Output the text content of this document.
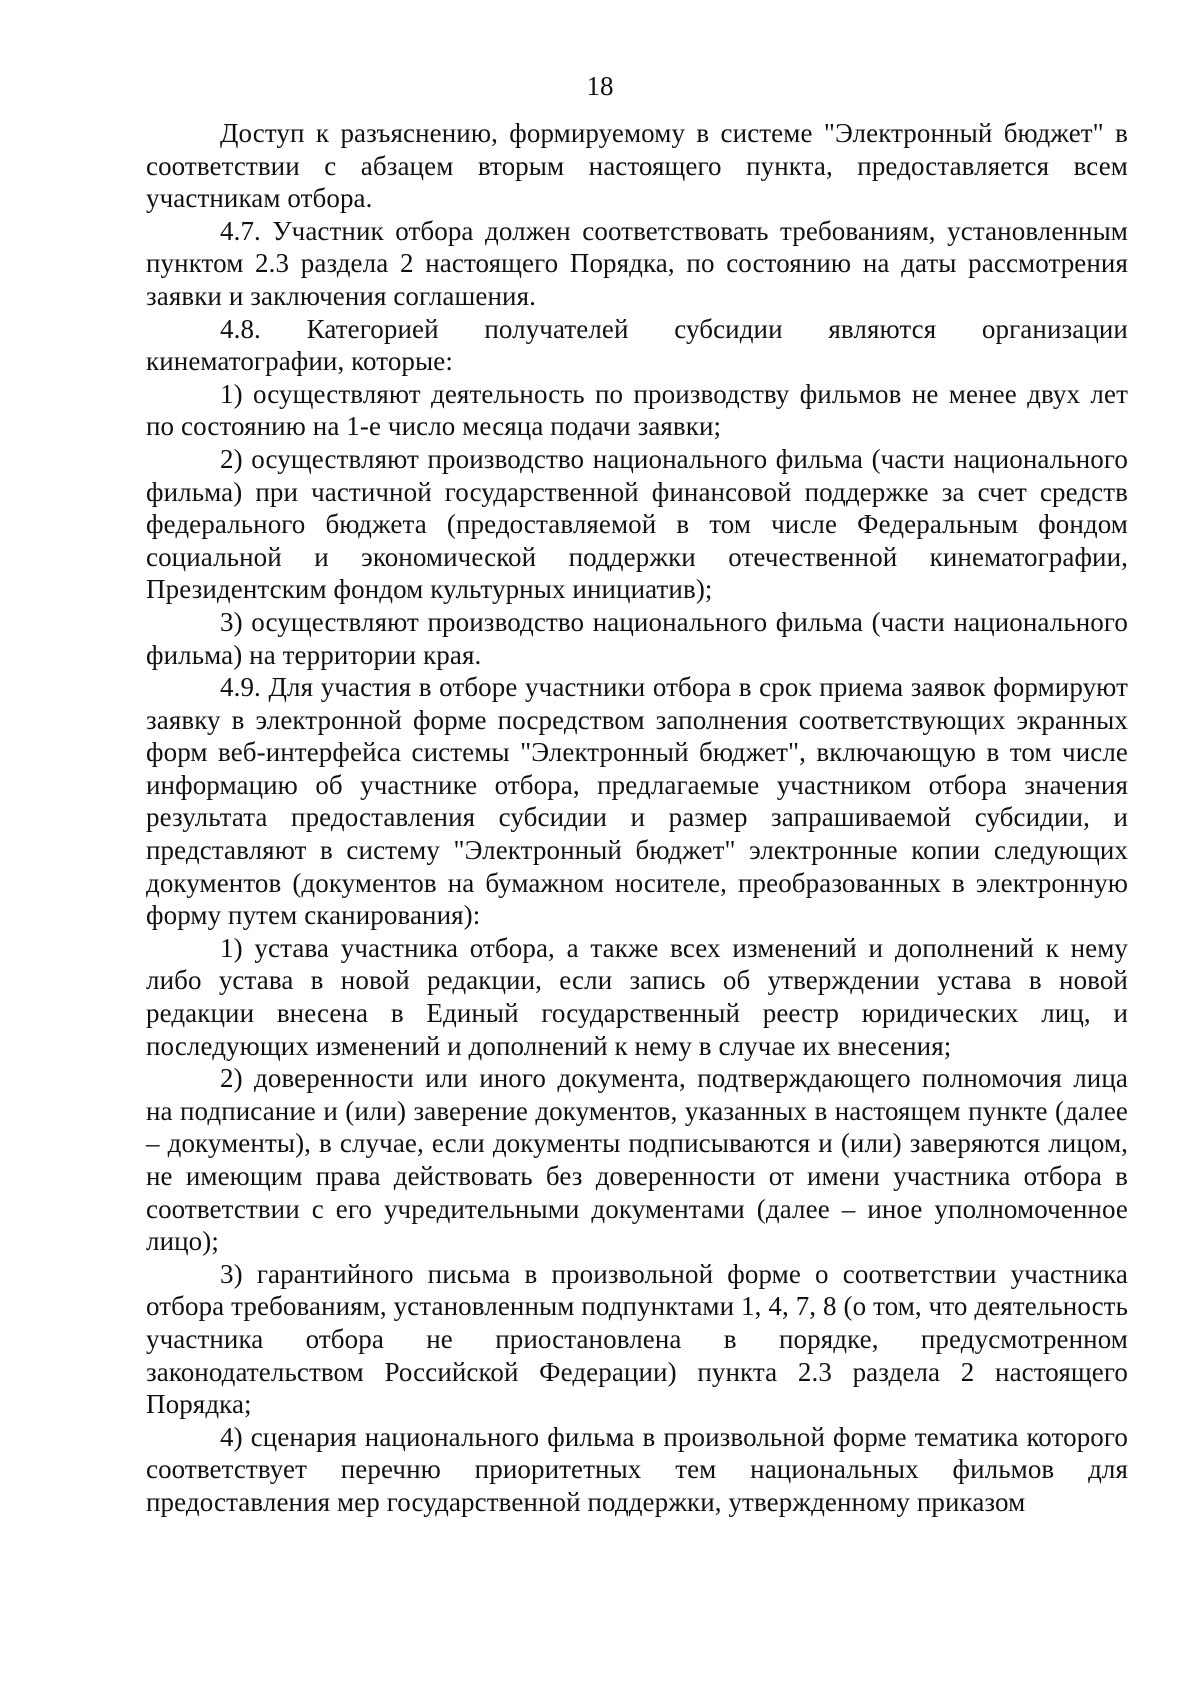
18

Доступ к разъяснению, формируемому в системе "Электронный бюджет" в соответствии с абзацем вторым настоящего пункта, предоставляется всем участникам отбора.

4.7. Участник отбора должен соответствовать требованиям, установленным пунктом 2.3 раздела 2 настоящего Порядка, по состоянию на даты рассмотрения заявки и заключения соглашения.

4.8. Категорией получателей субсидии являются организации кинематографии, которые:

1) осуществляют деятельность по производству фильмов не менее двух лет по состоянию на 1-е число месяца подачи заявки;

2) осуществляют производство национального фильма (части национального фильма) при частичной государственной финансовой поддержке за счет средств федерального бюджета (предоставляемой в том числе Федеральным фондом социальной и экономической поддержки отечественной кинематографии, Президентским фондом культурных инициатив);

3) осуществляют производство национального фильма (части национального фильма) на территории края.

4.9. Для участия в отборе участники отбора в срок приема заявок формируют заявку в электронной форме посредством заполнения соответствующих экранных форм веб-интерфейса системы "Электронный бюджет", включающую в том числе информацию об участнике отбора, предлагаемые участником отбора значения результата предоставления субсидии и размер запрашиваемой субсидии, и представляют в систему "Электронный бюджет" электронные копии следующих документов (документов на бумажном носителе, преобразованных в электронную форму путем сканирования):

1) устава участника отбора, а также всех изменений и дополнений к нему либо устава в новой редакции, если запись об утверждении устава в новой редакции внесена в Единый государственный реестр юридических лиц, и последующих изменений и дополнений к нему в случае их внесения;

2) доверенности или иного документа, подтверждающего полномочия лица на подписание и (или) заверение документов, указанных в настоящем пункте (далее – документы), в случае, если документы подписываются и (или) заверяются лицом, не имеющим права действовать без доверенности от имени участника отбора в соответствии с его учредительными документами (далее – иное уполномоченное лицо);

3) гарантийного письма в произвольной форме о соответствии участника отбора требованиям, установленным подпунктами 1, 4, 7, 8 (о том, что деятельность участника отбора не приостановлена в порядке, предусмотренном законодательством Российской Федерации) пункта 2.3 раздела 2 настоящего Порядка;

4) сценария национального фильма в произвольной форме тематика которого соответствует перечню приоритетных тем национальных фильмов для предоставления мер государственной поддержки, утвержденному приказом
